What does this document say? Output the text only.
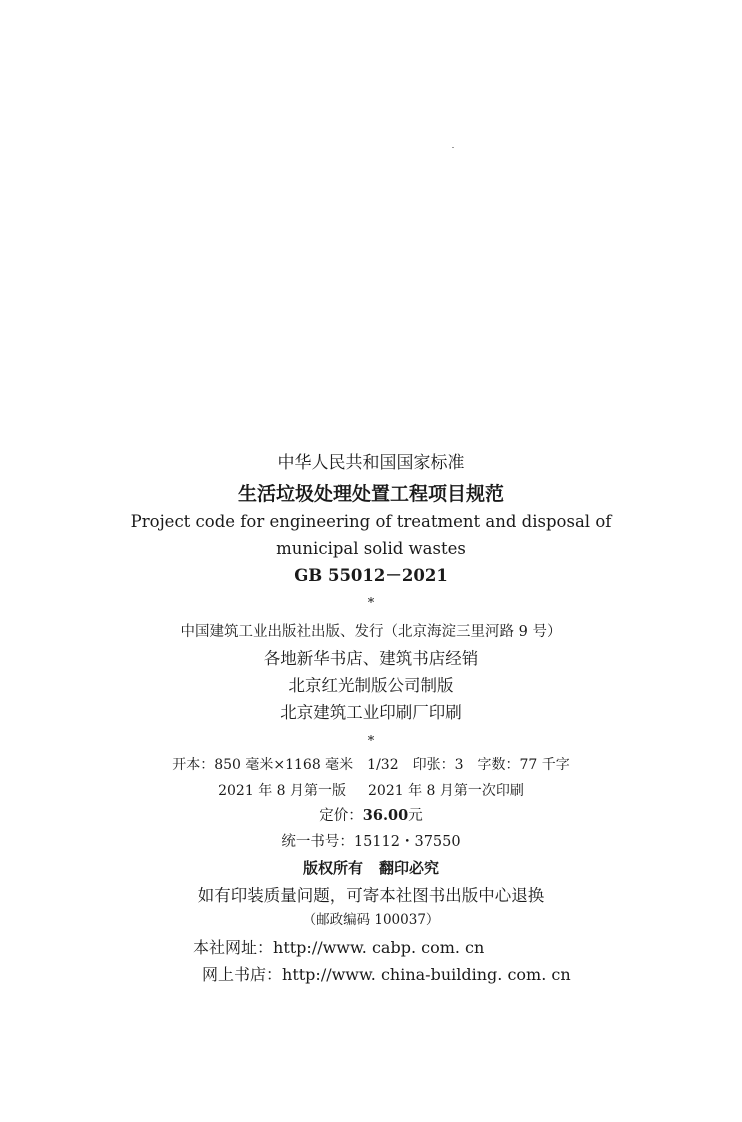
中华人民共和国国家标准
生活垃圾处理处置工程项目规范
Project code for engineering of treatment and disposal of
municipal solid wastes
GB 55012－2021
*
中国建筑工业出版社出版、发行（北京海淀三里河路 9 号）
各地新华书店、建筑书店经销
北京红光制版公司制版
北京建筑工业印刷厂印刷
*
开本：850 毫米×1168 毫米　1/32　印张：3　字数：77 千字
2021 年 8 月第一版 2021 年 8 月第一次印刷
定价：36.00元
统一书号：15112・37550
版权所有 翻印必究
如有印装质量问题，可寄本社图书出版中心退换
（邮政编码 100037）
本社网址：http://www. cabp. com. cn
网上书店：http://www. china-building. com. cn
